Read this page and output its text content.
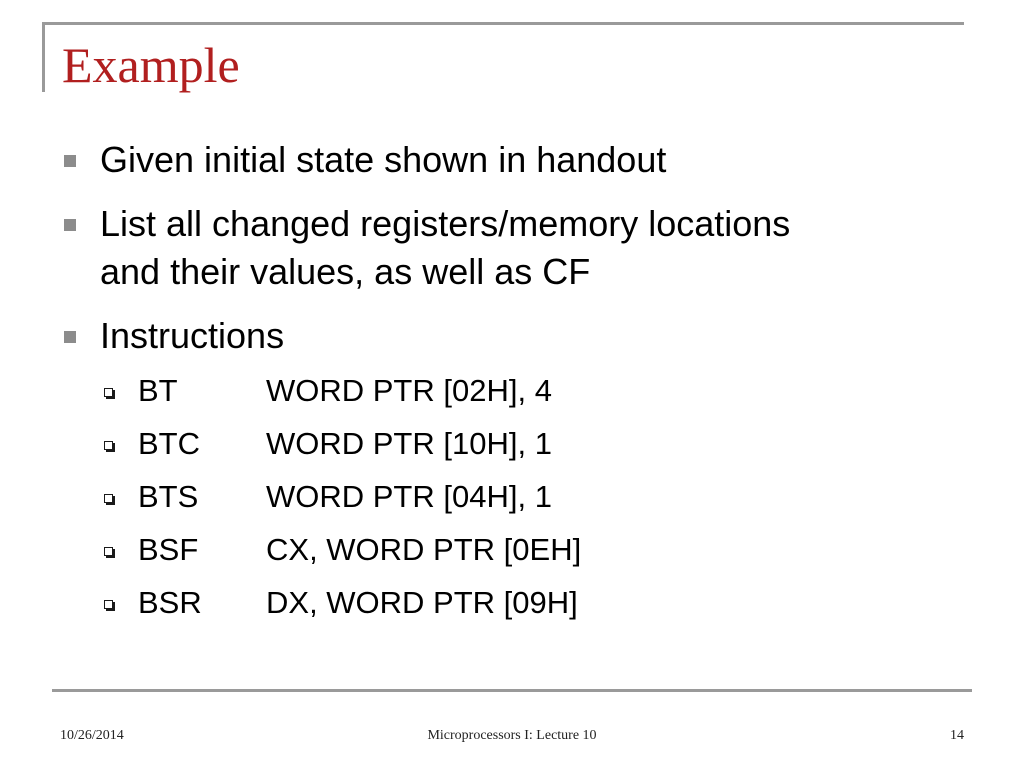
Example
Given initial state shown in handout
List all changed registers/memory locations
and their values, as well as CF
Instructions
BT	WORD PTR [02H], 4
BTC WORD PTR [10H], 1
BTS WORD PTR [04H], 1
BSF CX, WORD PTR [0EH]
BSR DX, WORD PTR [09H]
10/26/2014	Microprocessors I: Lecture 10	14
